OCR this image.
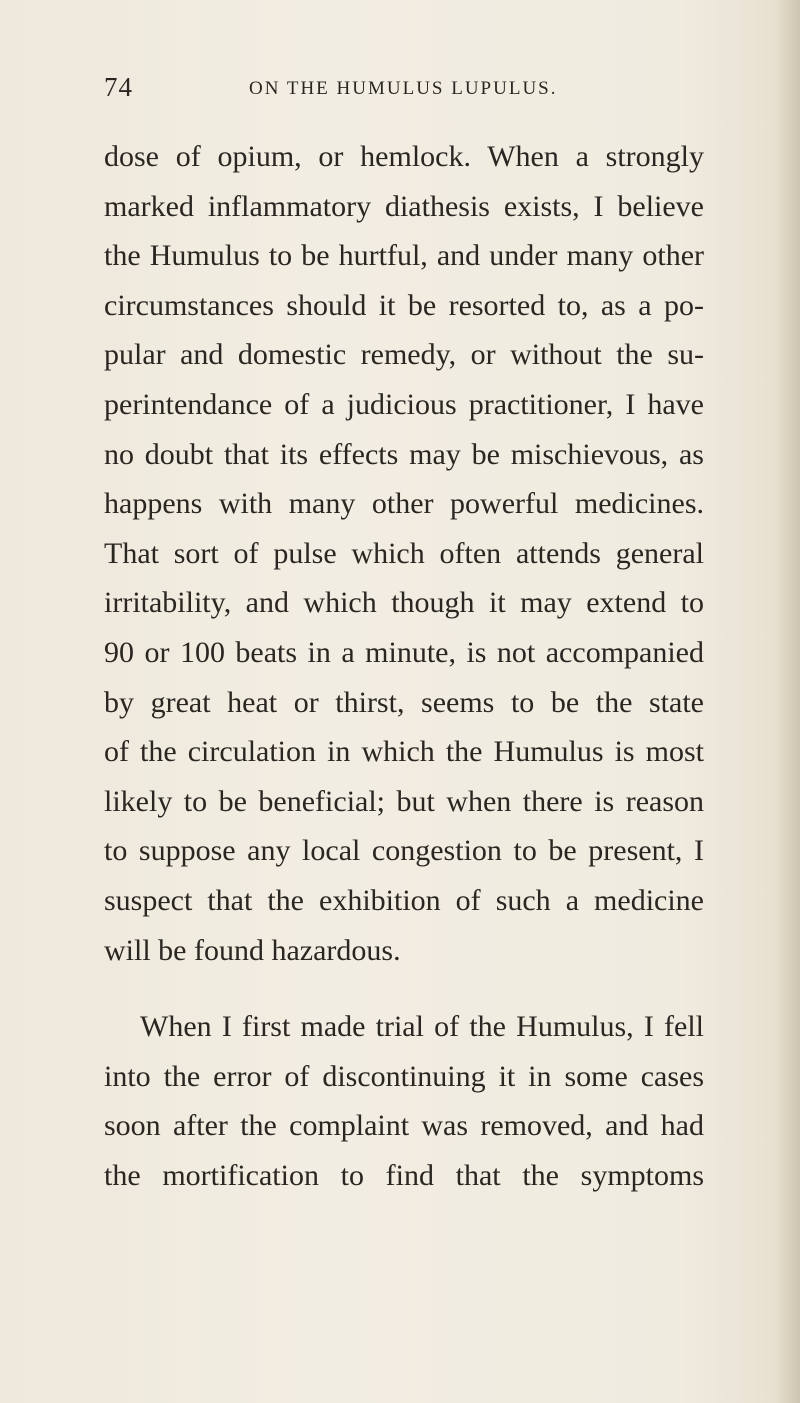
74	ON THE HUMULUS LUPULUS.

dose of opium, or hemlock. When a strongly
marked inflammatory diathesis exists, I believe
the Humulus to be hurtful, and under many other
circumstances should it be resorted to, as a po-
pular and domestic remedy, or without the su-
perintendance of a judicious practitioner, I have
no doubt that its effects may be mischievous, as
happens with many other powerful medicines.
That sort of pulse which often attends general
irritability, and which though it may extend to
90 or 100 beats in a minute, is not accompanied
by great heat or thirst, seems to be the state
of the circulation in which the Humulus is most
likely to be beneficial; but when there is reason
to suppose any local congestion to be present, I
suspect that the exhibition of such a medicine
will be found hazardous.

When I first made trial of the Humulus, I fell
into the error of discontinuing it in some cases
soon after the complaint was removed, and had
the mortification to find that the symptoms
